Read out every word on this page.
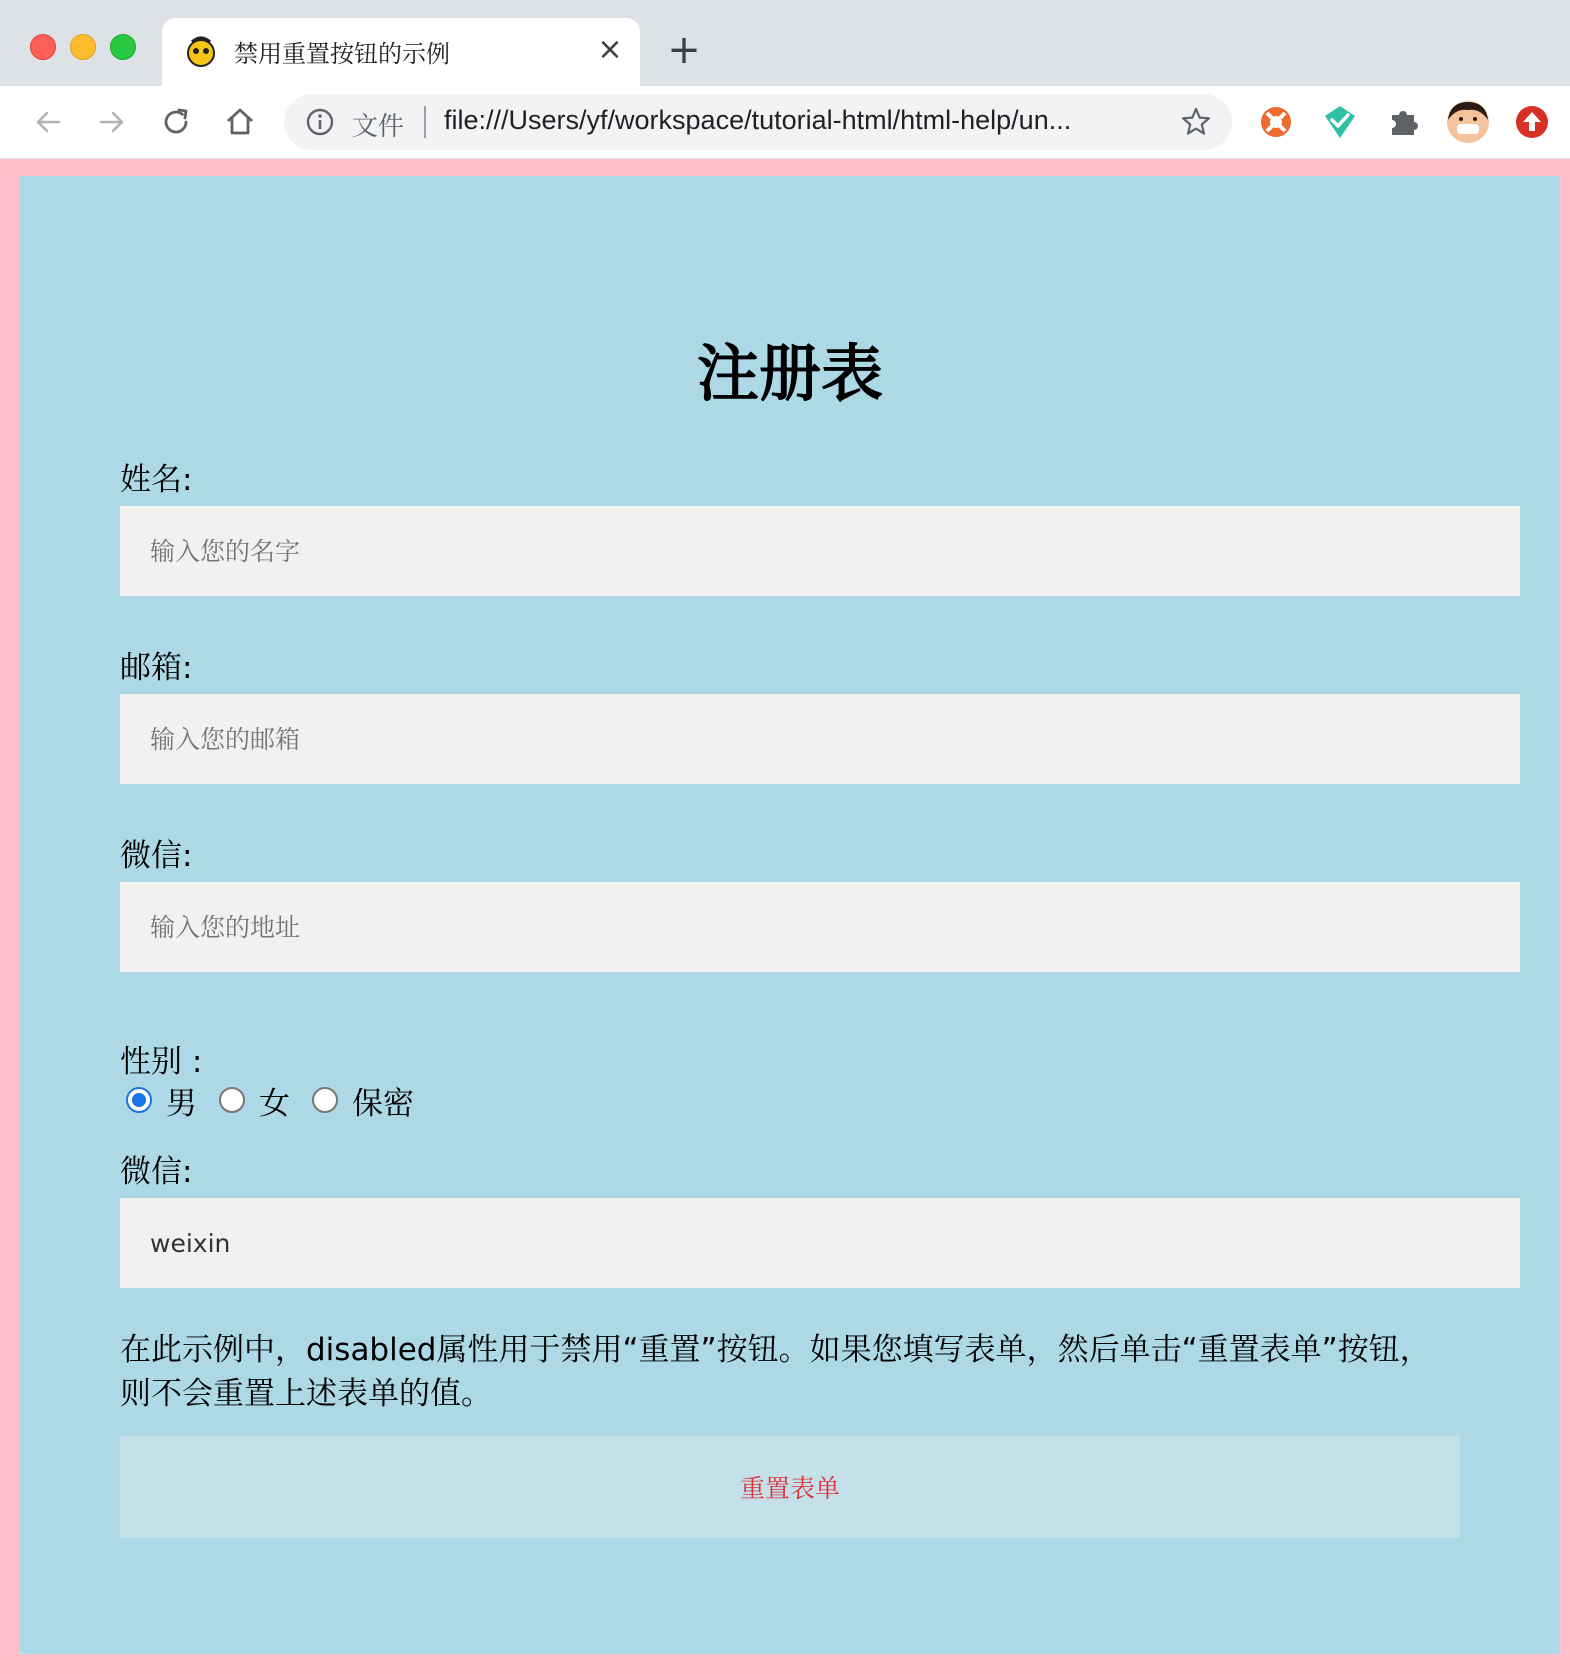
禁用重置按钮的示例	× +
文件 file:///Users/yf/workspace/tutorial-html/html-help/un...
注册表
姓名:
输入您的名字
邮箱:
输入您的邮箱
微信:
输入您的地址
性别 :
男 女 保密
微信:
weixin

在此示例中，disabled属性用于禁用“重置”按钮。如果您填写表单，然后单击“重置表单”按钮，则不会重置上述表单的值。

重置表单
